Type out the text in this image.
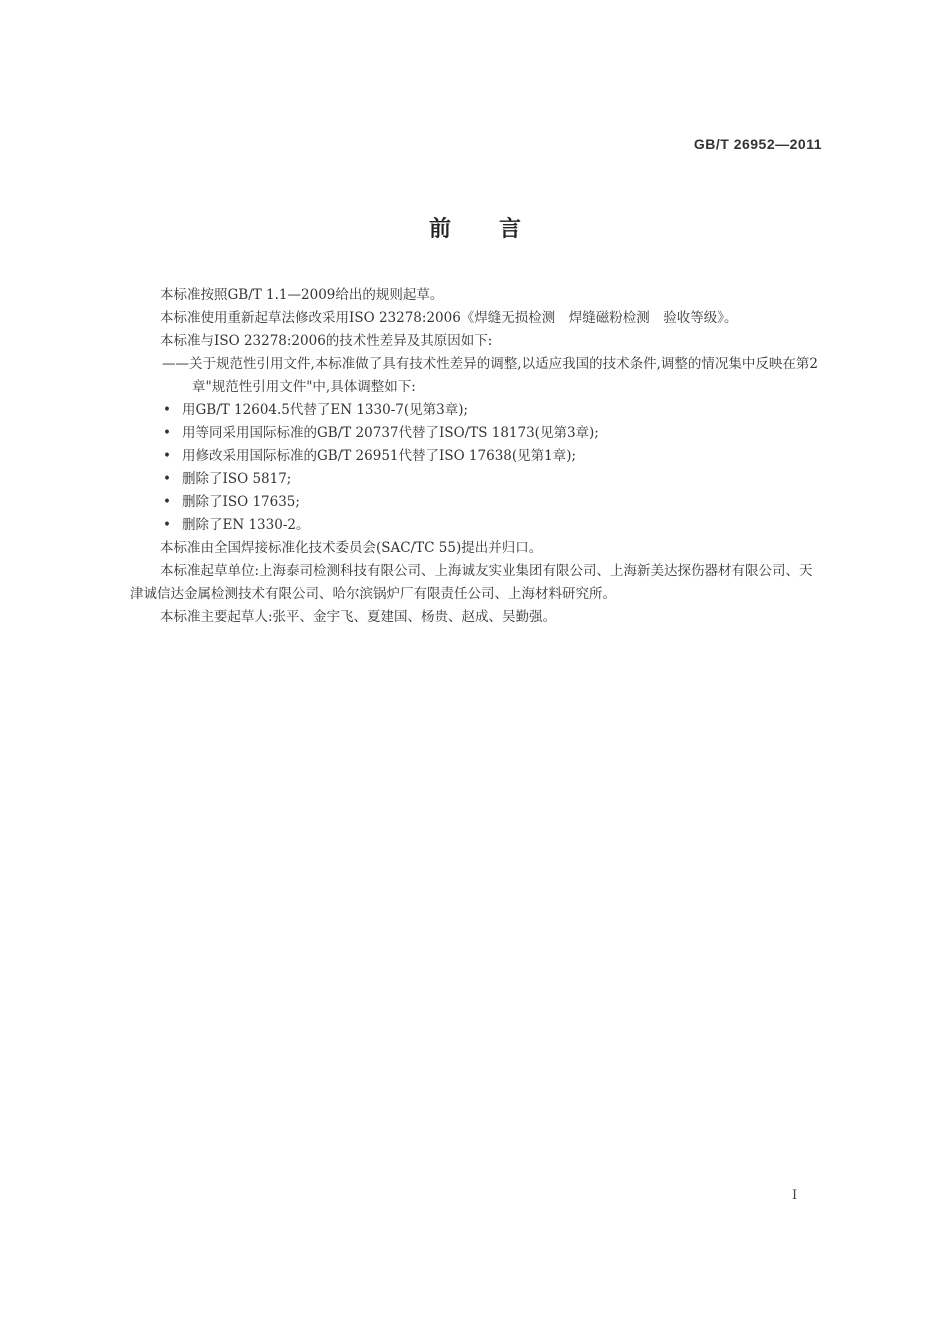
GB/T 26952—2011
前言

本标准按照GB/T 1.1—2009给出的规则起草。

本标准使用重新起草法修改采用ISO 23278:2006《焊缝无损检测　焊缝磁粉检测　验收等级》。

本标准与ISO 23278:2006的技术性差异及其原因如下:

——关于规范性引用文件,本标准做了具有技术性差异的调整,以适应我国的技术条件,调整的情况集中反映在第2章"规范性引用文件"中,具体调整如下:

• 用GB/T 12604.5代替了EN 1330-7(见第3章);

• 用等同采用国际标准的GB/T 20737代替了ISO/TS 18173(见第3章);

• 用修改采用国际标准的GB/T 26951代替了ISO 17638(见第1章);

• 删除了ISO 5817;

• 删除了ISO 17635;

• 删除了EN 1330-2。

本标准由全国焊接标准化技术委员会(SAC/TC 55)提出并归口。

本标准起草单位:上海泰司检测科技有限公司、上海诚友实业集团有限公司、上海新美达探伤器材有限公司、天津诚信达金属检测技术有限公司、哈尔滨锅炉厂有限责任公司、上海材料研究所。

本标准主要起草人:张平、金宇飞、夏建国、杨贵、赵成、吴勤强。

I
